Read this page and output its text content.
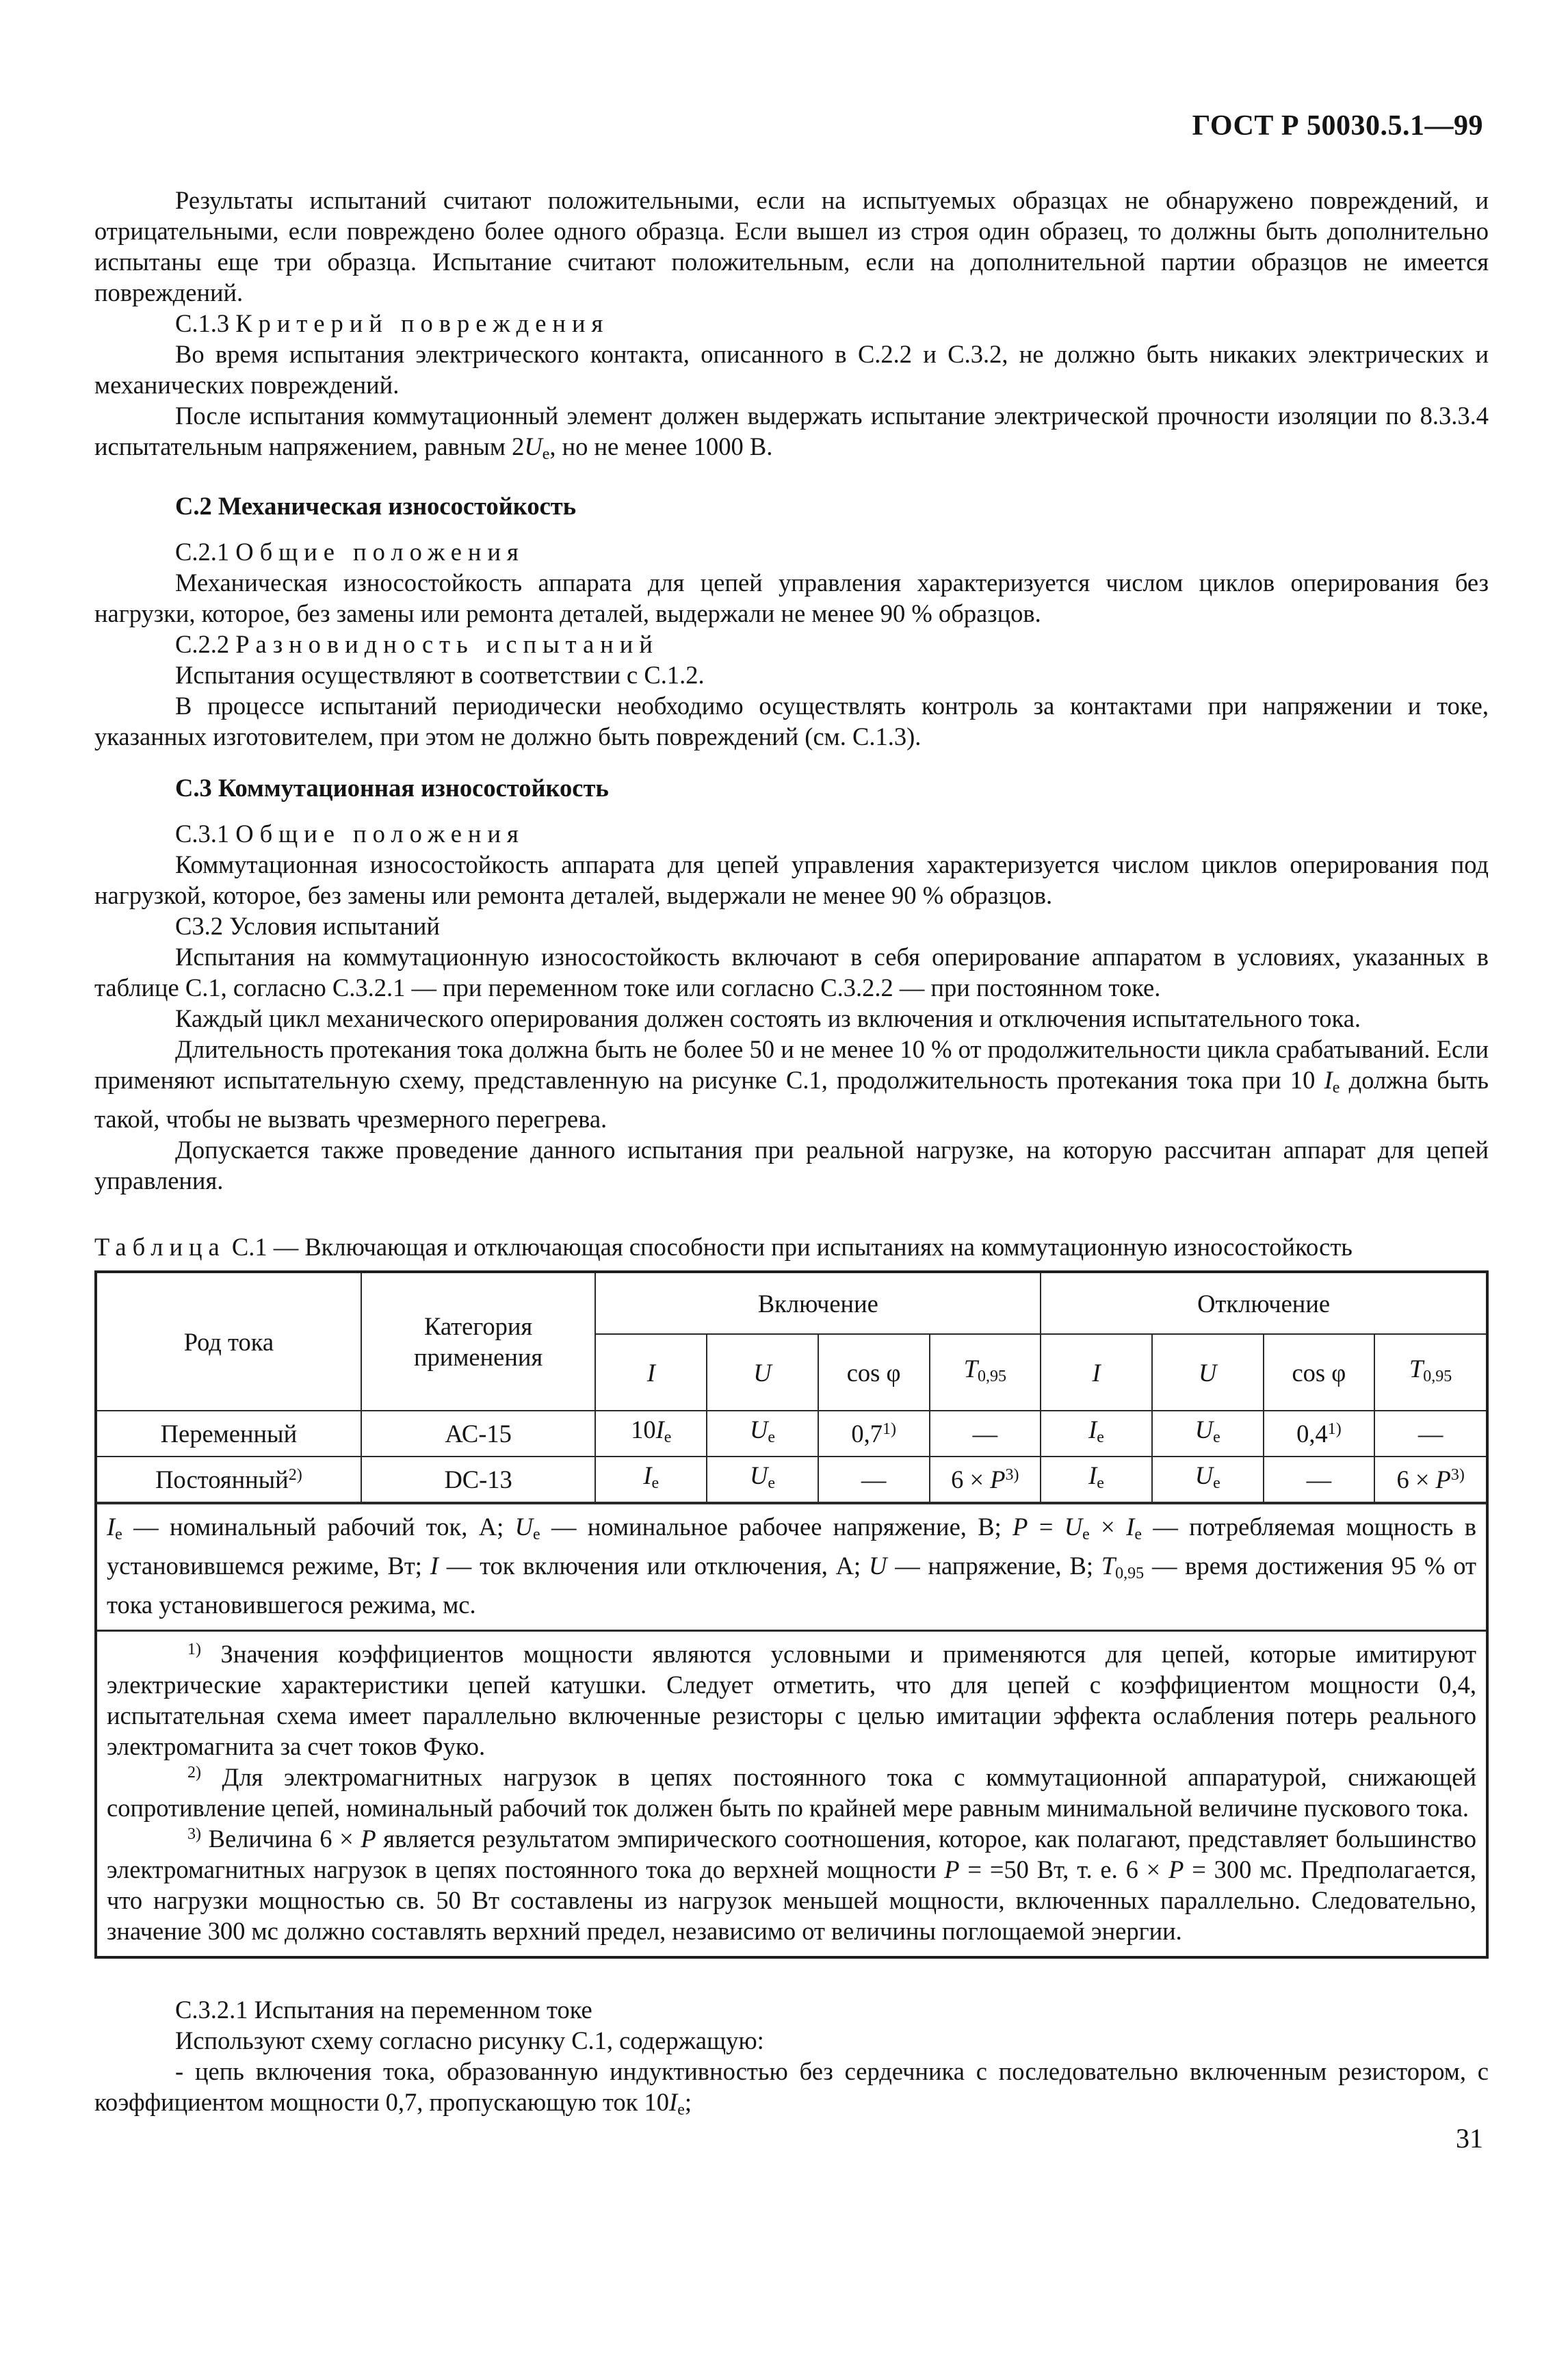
ГОСТ Р 50030.5.1—99

Результаты испытаний считают положительными, если на испытуемых образцах не обнаружено повреждений, и отрицательными, если повреждено более одного образца. Если вышел из строя один образец, то должны быть дополнительно испытаны еще три образца. Испытание считают положительным, если на дополнительной партии образцов не имеется повреждений.

С.1.3 Критерий повреждения

Во время испытания электрического контакта, описанного в С.2.2 и С.3.2, не должно быть никаких электрических и механических повреждений.

После испытания коммутационный элемент должен выдержать испытание электрической прочности изоляции по 8.3.3.4 испытательным напряжением, равным $2U_e$, но не менее 1000 В.

С.2 Механическая износостойкость

С.2.1 Общие положения

Механическая износостойкость аппарата для цепей управления характеризуется числом циклов оперирования без нагрузки, которое, без замены или ремонта деталей, выдержали не менее 90 % образцов.

С.2.2 Разновидность испытаний

Испытания осуществляют в соответствии с С.1.2.

В процессе испытаний периодически необходимо осуществлять контроль за контактами при напряжении и токе, указанных изготовителем, при этом не должно быть повреждений (см. С.1.3).

С.3 Коммутационная износостойкость

С.3.1 Общие положения

Коммутационная износостойкость аппарата для цепей управления характеризуется числом циклов оперирования под нагрузкой, которое, без замены или ремонта деталей, выдержали не менее 90 % образцов.

С3.2 Условия испытаний

Испытания на коммутационную износостойкость включают в себя оперирование аппаратом в условиях, указанных в таблице С.1, согласно С.3.2.1 — при переменном токе или согласно С.3.2.2 — при постоянном токе.

Каждый цикл механического оперирования должен состоять из включения и отключения испытательного тока.

Длительность протекания тока должна быть не более 50 и не менее 10 % от продолжительности цикла срабатываний. Если применяют испытательную схему, представленную на рисунке С.1, продолжительность протекания тока при 10 $I_e$ должна быть такой, чтобы не вызвать чрезмерного перегрева.

Допускается также проведение данного испытания при реальной нагрузке, на которую рассчитан аппарат для цепей управления.

Таблица С.1 — Включающая и отключающая способности при испытаниях на коммутационную износостойкость

Род тока	Категория применения	Включение				Отключение			
		I	U	cos φ	$T_{0,95}$	I	U	cos φ	$T_{0,95}$
Переменный	АС-15	$10I_e$	$U_e$	0,7$^{1)}$	—	$I_e$	$U_e$	0,4$^{1)}$	—
Постоянный$^{2)}$	DC-13	$I_e$	$U_e$	—	$6 \times P^{3)}$	$I_e$	$U_e$	—	$6 \times P^{3)}$
$I_e$ — номинальный рабочий ток, А; $U_e$ — номинальное рабочее напряжение, В; $P = U_e \times I_e$ — потребляемая мощность в установившемся режиме, Вт; I — ток включения или отключения, А; U — напряжение, В; $T_{0,95}$ — время достижения 95 % от тока установившегося режима, мс.

$^{1)}$ Значения коэффициентов мощности являются условными и применяются для цепей, которые имитируют электрические характеристики цепей катушки. Следует отметить, что для цепей с коэффициентом мощности 0,4, испытательная схема имеет параллельно включенные резисторы с целью имитации эффекта ослабления потерь реального электромагнита за счет токов Фуко.

$^{2)}$ Для электромагнитных нагрузок в цепях постоянного тока с коммутационной аппаратурой, снижающей сопротивление цепей, номинальный рабочий ток должен быть по крайней мере равным минимальной величине пускового тока.

$^{3)}$ Величина 6 × P является результатом эмпирического соотношения, которое, как полагают, представляет большинство электромагнитных нагрузок в цепях постоянного тока до верхней мощности P = =50 Вт, т. е. 6 × P = 300 мс. Предполагается, что нагрузки мощностью св. 50 Вт составлены из нагрузок меньшей мощности, включенных параллельно. Следовательно, значение 300 мс должно составлять верхний предел, независимо от величины поглощаемой энергии.

С.3.2.1 Испытания на переменном токе

Используют схему согласно рисунку С.1, содержащую:

- цепь включения тока, образованную индуктивностью без сердечника с последовательно включенным резистором, с коэффициентом мощности 0,7, пропускающую ток $10I_e$;

31
